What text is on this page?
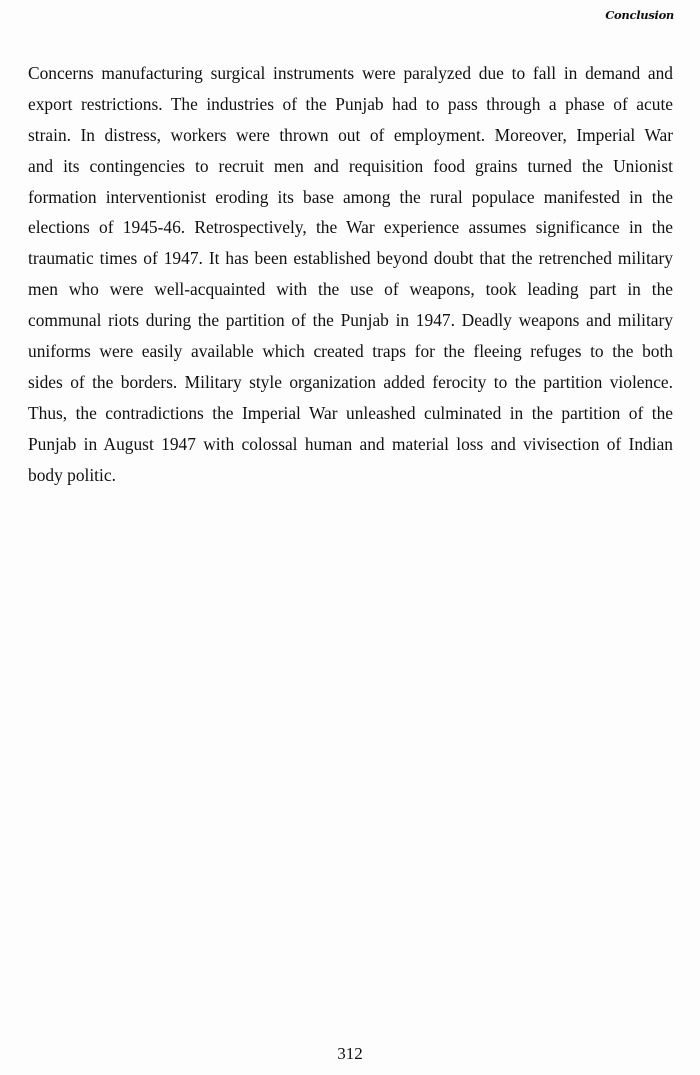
Conclusion
Concerns manufacturing surgical instruments were paralyzed due to fall in demand and
export restrictions. The industries of the Punjab had to pass through a phase of acute
strain. In distress, workers were thrown out of employment. Moreover, Imperial War
and its contingencies to recruit men and requisition food grains turned the Unionist
formation interventionist eroding its base among the rural populace manifested in the
elections of 1945-46. Retrospectively, the War experience assumes significance in the
traumatic times of 1947. It has been established beyond doubt that the retrenched military
men who were well-acquainted with the use of weapons, took leading part in the
communal riots during the partition of the Punjab in 1947. Deadly weapons and military
uniforms were easily available which created traps for the fleeing refuges to the both
sides of the borders. Military style organization added ferocity to the partition violence.
Thus, the contradictions the Imperial War unleashed culminated in the partition of the
Punjab in August 1947 with colossal human and material loss and vivisection of Indian
body politic.
312
